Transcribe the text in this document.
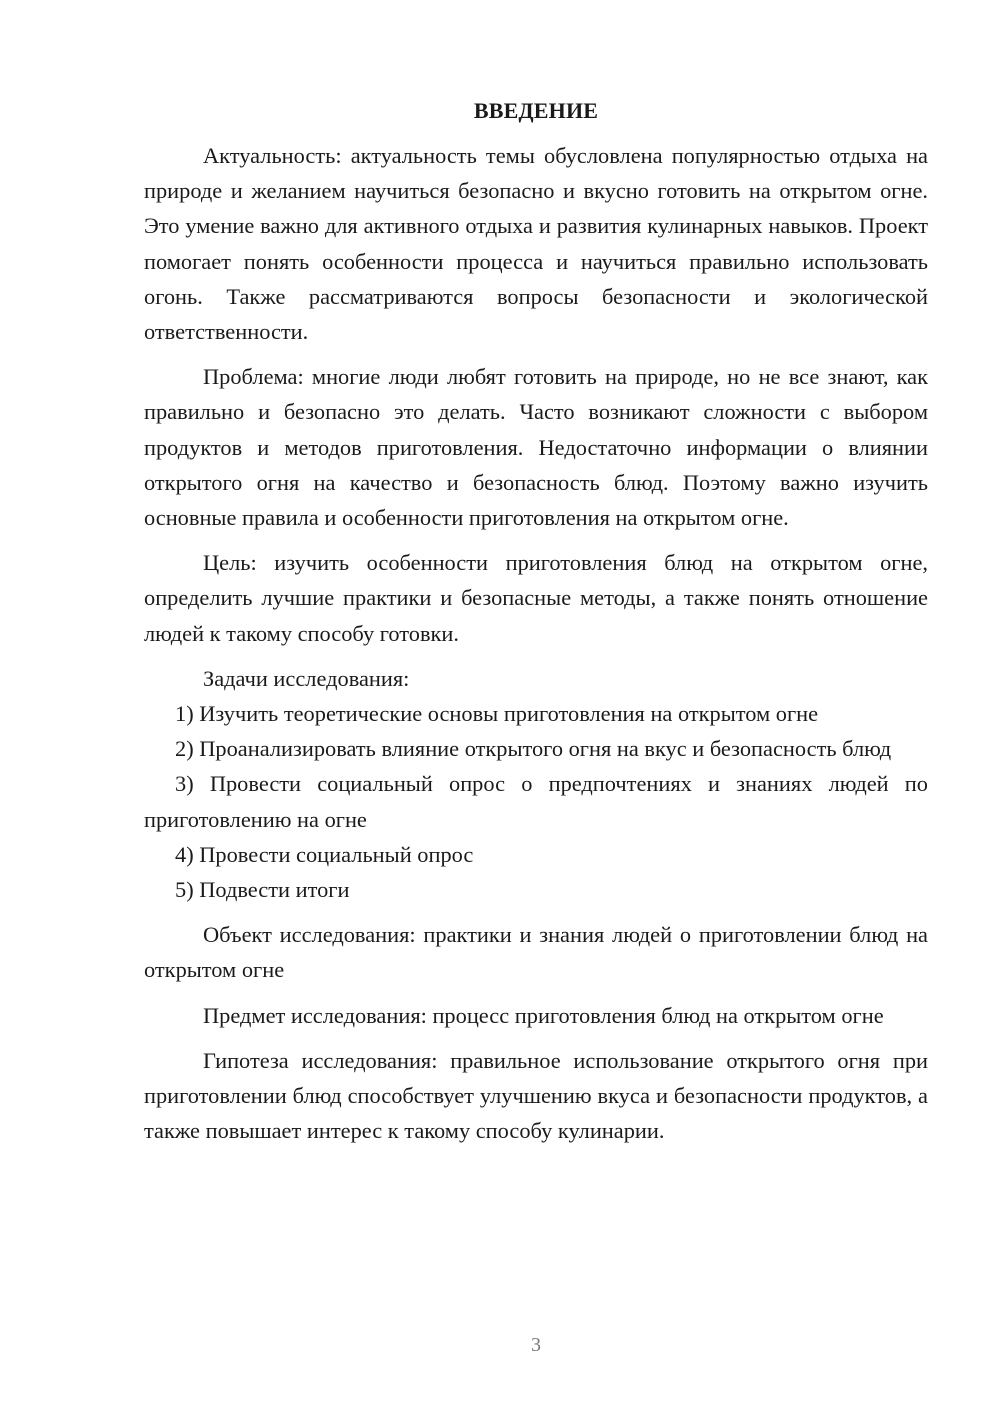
ВВЕДЕНИЕ

Актуальность: актуальность темы обусловлена популярностью отдыха на природе и желанием научиться безопасно и вкусно готовить на открытом огне. Это умение важно для активного отдыха и развития кулинарных навыков. Проект помогает понять особенности процесса и научиться правильно использовать огонь. Также рассматриваются вопросы безопасности и экологической ответственности.

Проблема: многие люди любят готовить на природе, но не все знают, как правильно и безопасно это делать. Часто возникают сложности с выбором продуктов и методов приготовления. Недостаточно информации о влиянии открытого огня на качество и безопасность блюд. Поэтому важно изучить основные правила и особенности приготовления на открытом огне.

Цель: изучить особенности приготовления блюд на открытом огне, определить лучшие практики и безопасные методы, а также понять отношение людей к такому способу готовки.

Задачи исследования:

1) Изучить теоретические основы приготовления на открытом огне

2) Проанализировать влияние открытого огня на вкус и безопасность блюд

3) Провести социальный опрос о предпочтениях и знаниях людей по приготовлению на огне

4) Провести социальный опрос

5) Подвести итоги

Объект исследования: практики и знания людей о приготовлении блюд на открытом огне

Предмет исследования: процесс приготовления блюд на открытом огне

Гипотеза исследования: правильное использование открытого огня при приготовлении блюд способствует улучшению вкуса и безопасности продуктов, а также повышает интерес к такому способу кулинарии.

3
